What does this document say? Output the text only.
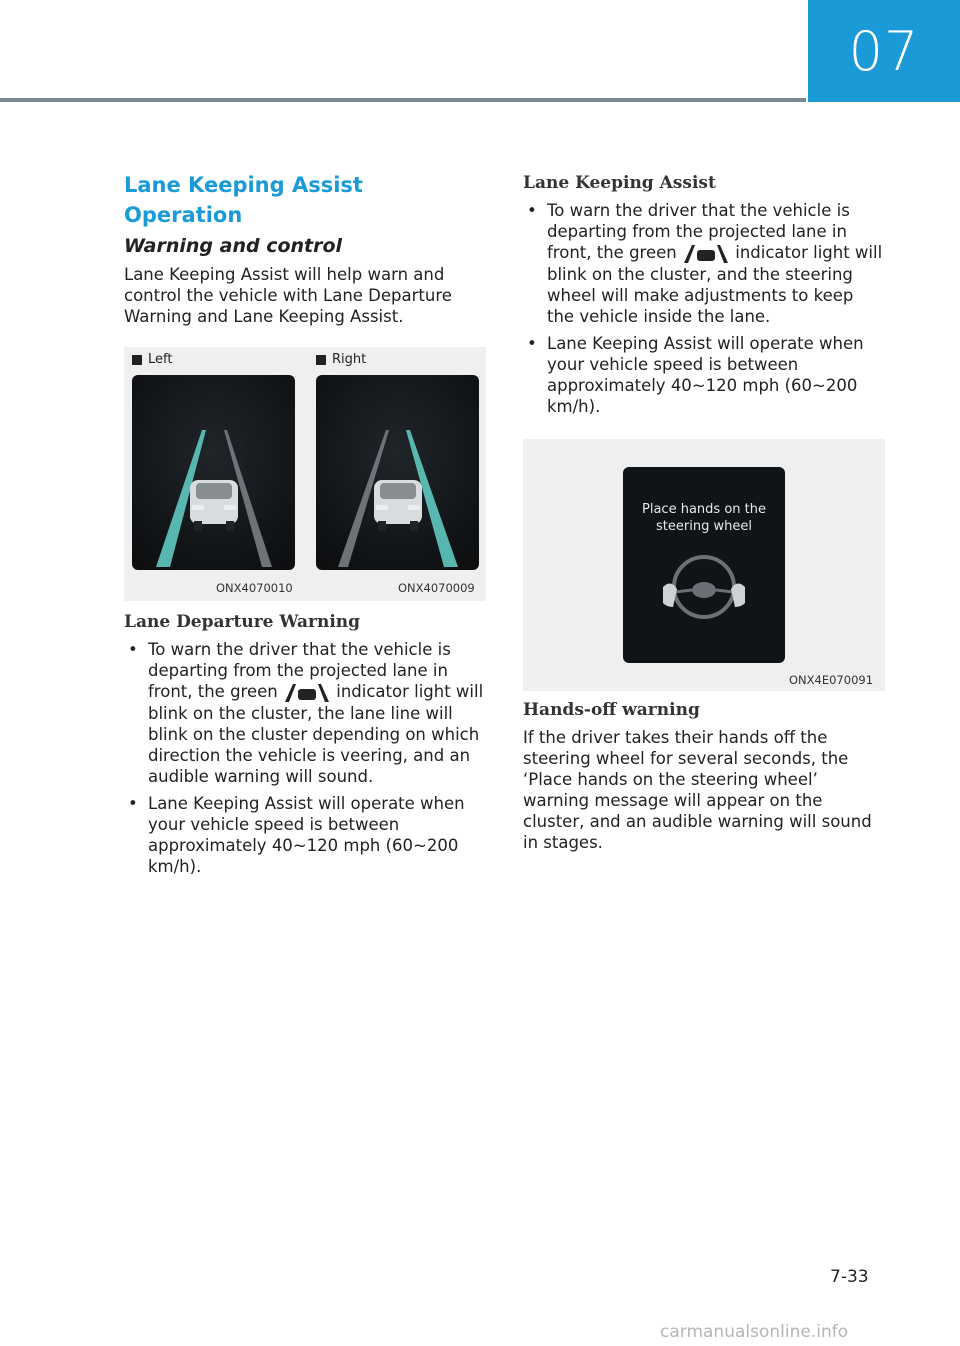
07
Lane Keeping Assist Operation
Warning and control

Lane Keeping Assist will help warn and control the vehicle with Lane Departure Warning and Lane Keeping Assist.

Left	Right
ONX4070010	ONX4070009
Lane Departure Warning
• To warn the driver that the vehicle is departing from the projected lane in front, the green	indicator light will blink on the cluster, the lane line will blink on the cluster depending on which direction the vehicle is veering, and an audible warning will sound.
• Lane Keeping Assist will operate when your vehicle speed is between approximately 40~120 mph (60~200 km/h).
Lane Keeping Assist
• To warn the driver that the vehicle is departing from the projected lane in front, the green	indicator light will blink on the cluster, and the steering wheel will make adjustments to keep the vehicle inside the lane.
• Lane Keeping Assist will operate when your vehicle speed is between approximately 40~120 mph (60~200 km/h).
Place hands on the
steering wheel
ONX4E070091
Hands-off warning

If the driver takes their hands off the steering wheel for several seconds, the ‘Place hands on the steering wheel’ warning message will appear on the cluster, and an audible warning will sound in stages.

7-33
carmanualsonline.info
